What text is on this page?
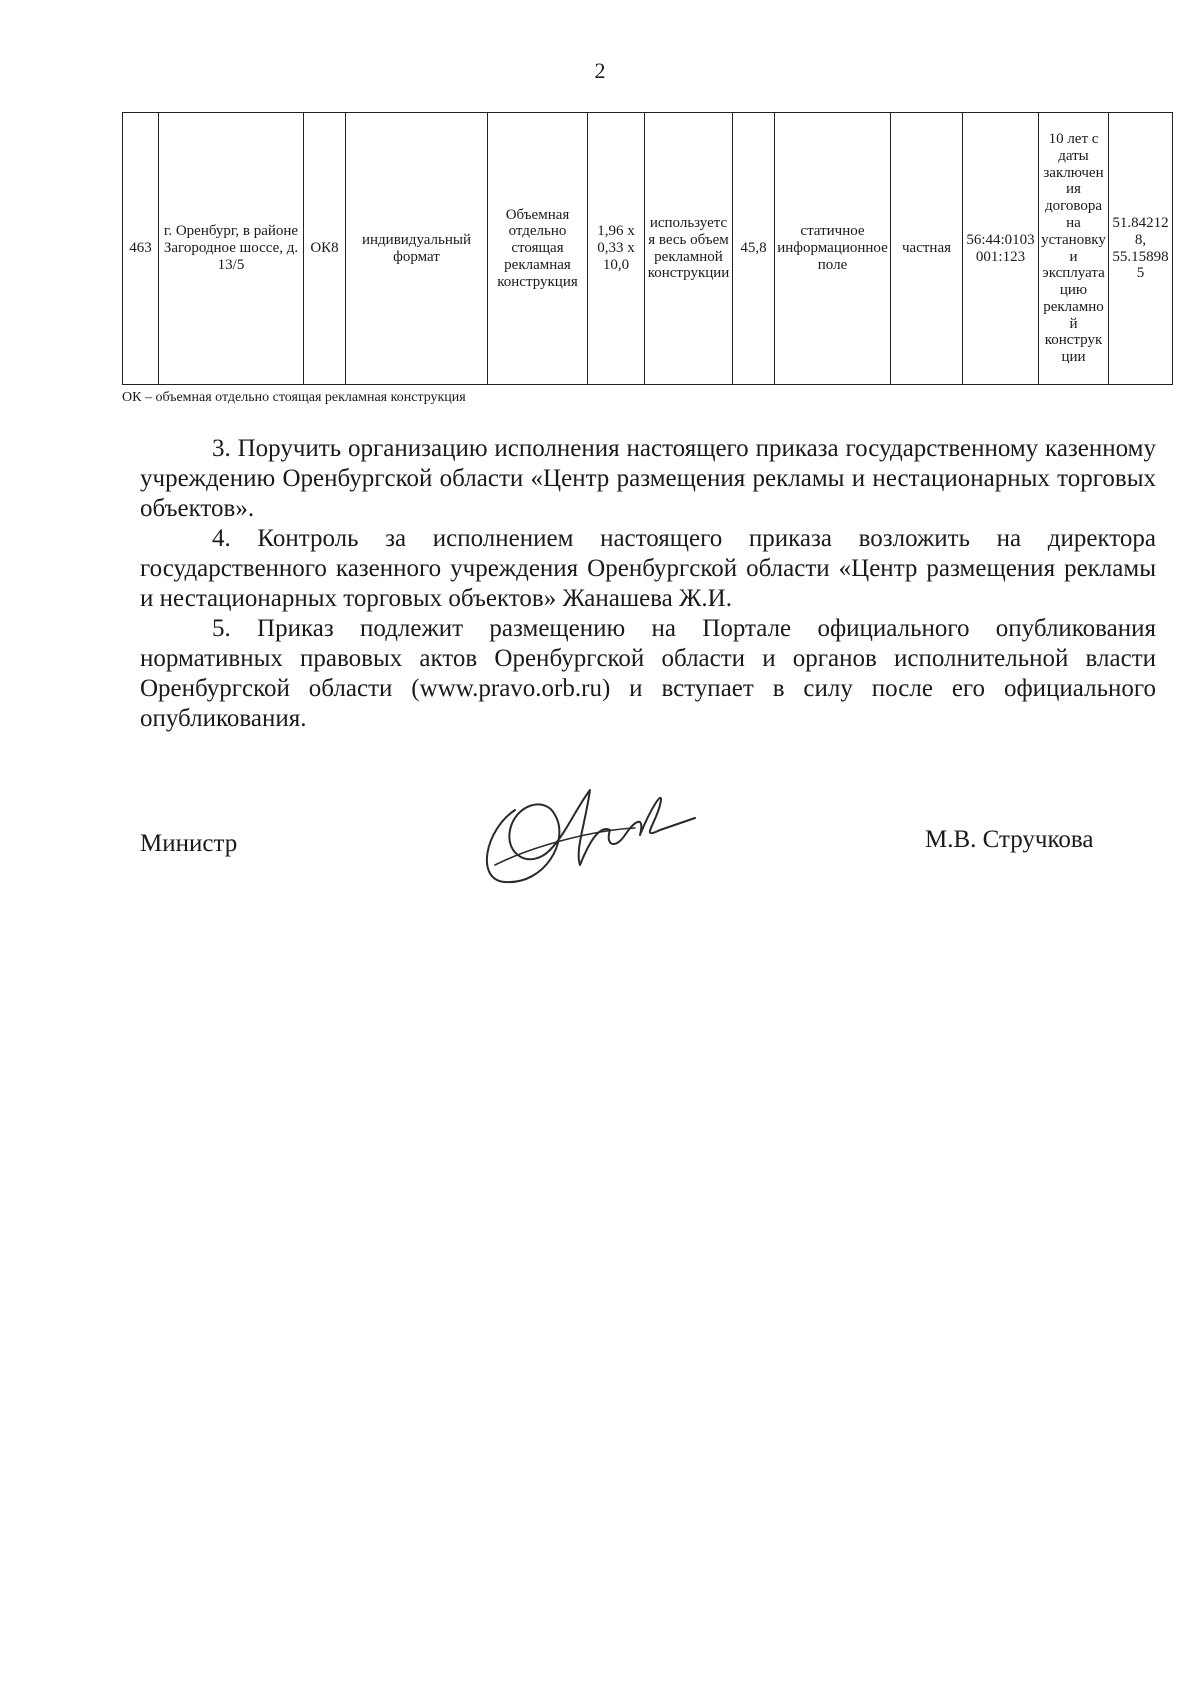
2
463	г. Оренбург, в районе Загородное шоссе, д. 13/5	ОК8	индивидуальный формат	Объемная отдельно стоящая рекламная конструкция	1,96 x 0,33 x 10,0	используется весь объем рекламной конструкции	45,8	статичное информационное поле	частная	56:44:0103001:123	10 лет с даты заключения договора на установку и эксплуатацию рекламной конструкции	51.842128, 55.158985
ОК – объемная отдельно стоящая рекламная конструкция

3. Поручить организацию исполнения настоящего приказа государственному казенному учреждению Оренбургской области «Центр размещения рекламы и нестационарных торговых объектов».

4. Контроль за исполнением настоящего приказа возложить на директора государственного казенного учреждения Оренбургской области «Центр размещения рекламы и нестационарных торговых объектов» Жанашева Ж.И.

5. Приказ подлежит размещению на Портале официального опубликования нормативных правовых актов Оренбургской области и органов исполнительной власти Оренбургской области (www.pravo.orb.ru) и вступает в силу после его официального опубликования.

Министр	М.В. Стручкова
